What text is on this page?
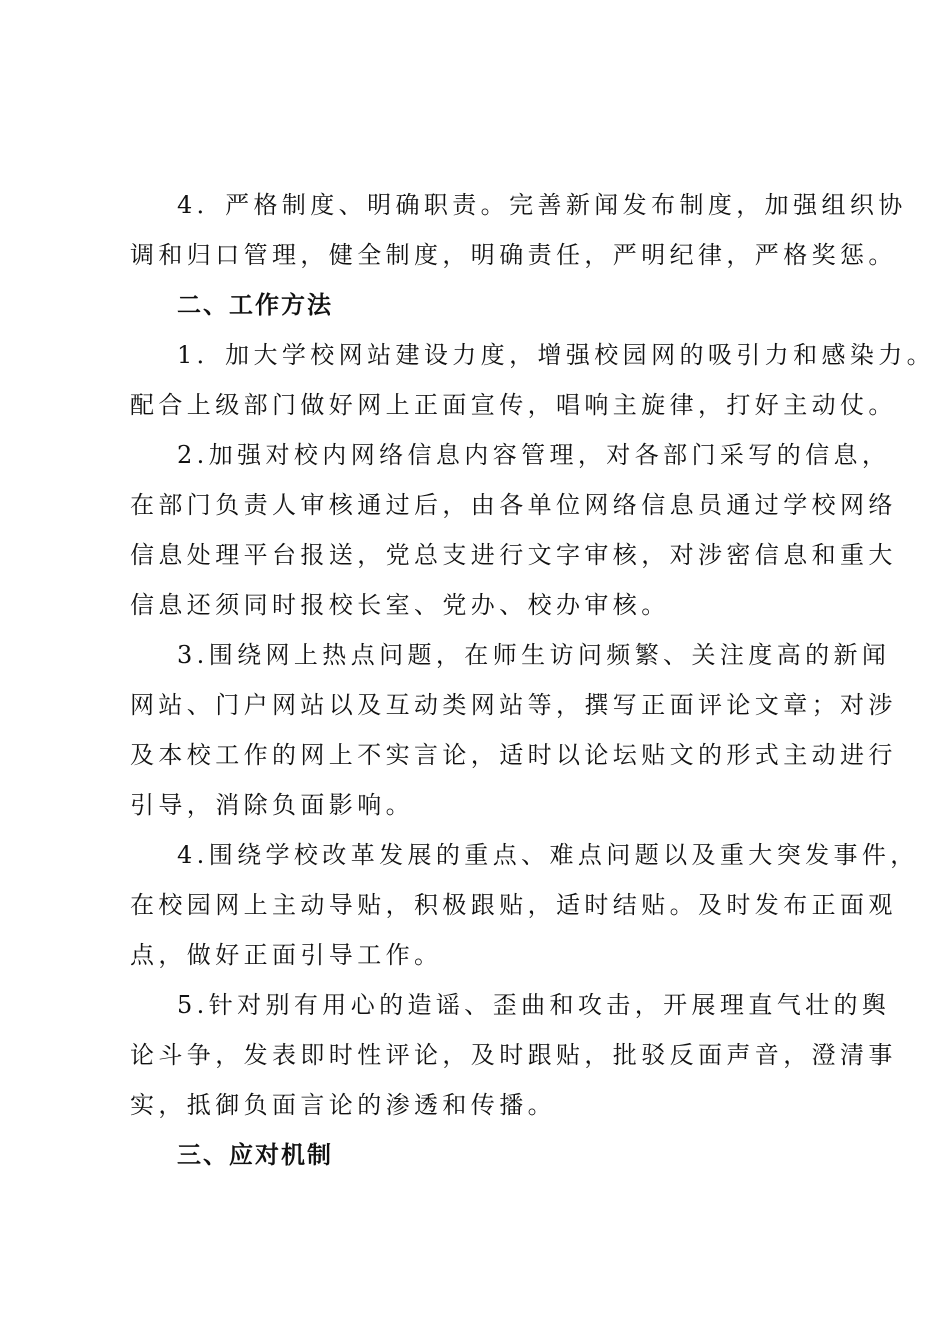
4．严格制度、明确职责。完善新闻发布制度，加强组织协
调和归口管理，健全制度，明确责任，严明纪律，严格奖惩。
二、工作方法
1．加大学校网站建设力度，增强校园网的吸引力和感染力。
配合上级部门做好网上正面宣传，唱响主旋律，打好主动仗。
2.加强对校内网络信息内容管理，对各部门采写的信息，
在部门负责人审核通过后，由各单位网络信息员通过学校网络
信息处理平台报送，党总支进行文字审核，对涉密信息和重大
信息还须同时报校长室、党办、校办审核。
3.围绕网上热点问题，在师生访问频繁、关注度高的新闻
网站、门户网站以及互动类网站等，撰写正面评论文章；对涉
及本校工作的网上不实言论，适时以论坛贴文的形式主动进行
引导，消除负面影响。
4.围绕学校改革发展的重点、难点问题以及重大突发事件，
在校园网上主动导贴，积极跟贴，适时结贴。及时发布正面观
点，做好正面引导工作。
5.针对别有用心的造谣、歪曲和攻击，开展理直气壮的舆
论斗争，发表即时性评论，及时跟贴，批驳反面声音，澄清事
实，抵御负面言论的渗透和传播。
三、应对机制
